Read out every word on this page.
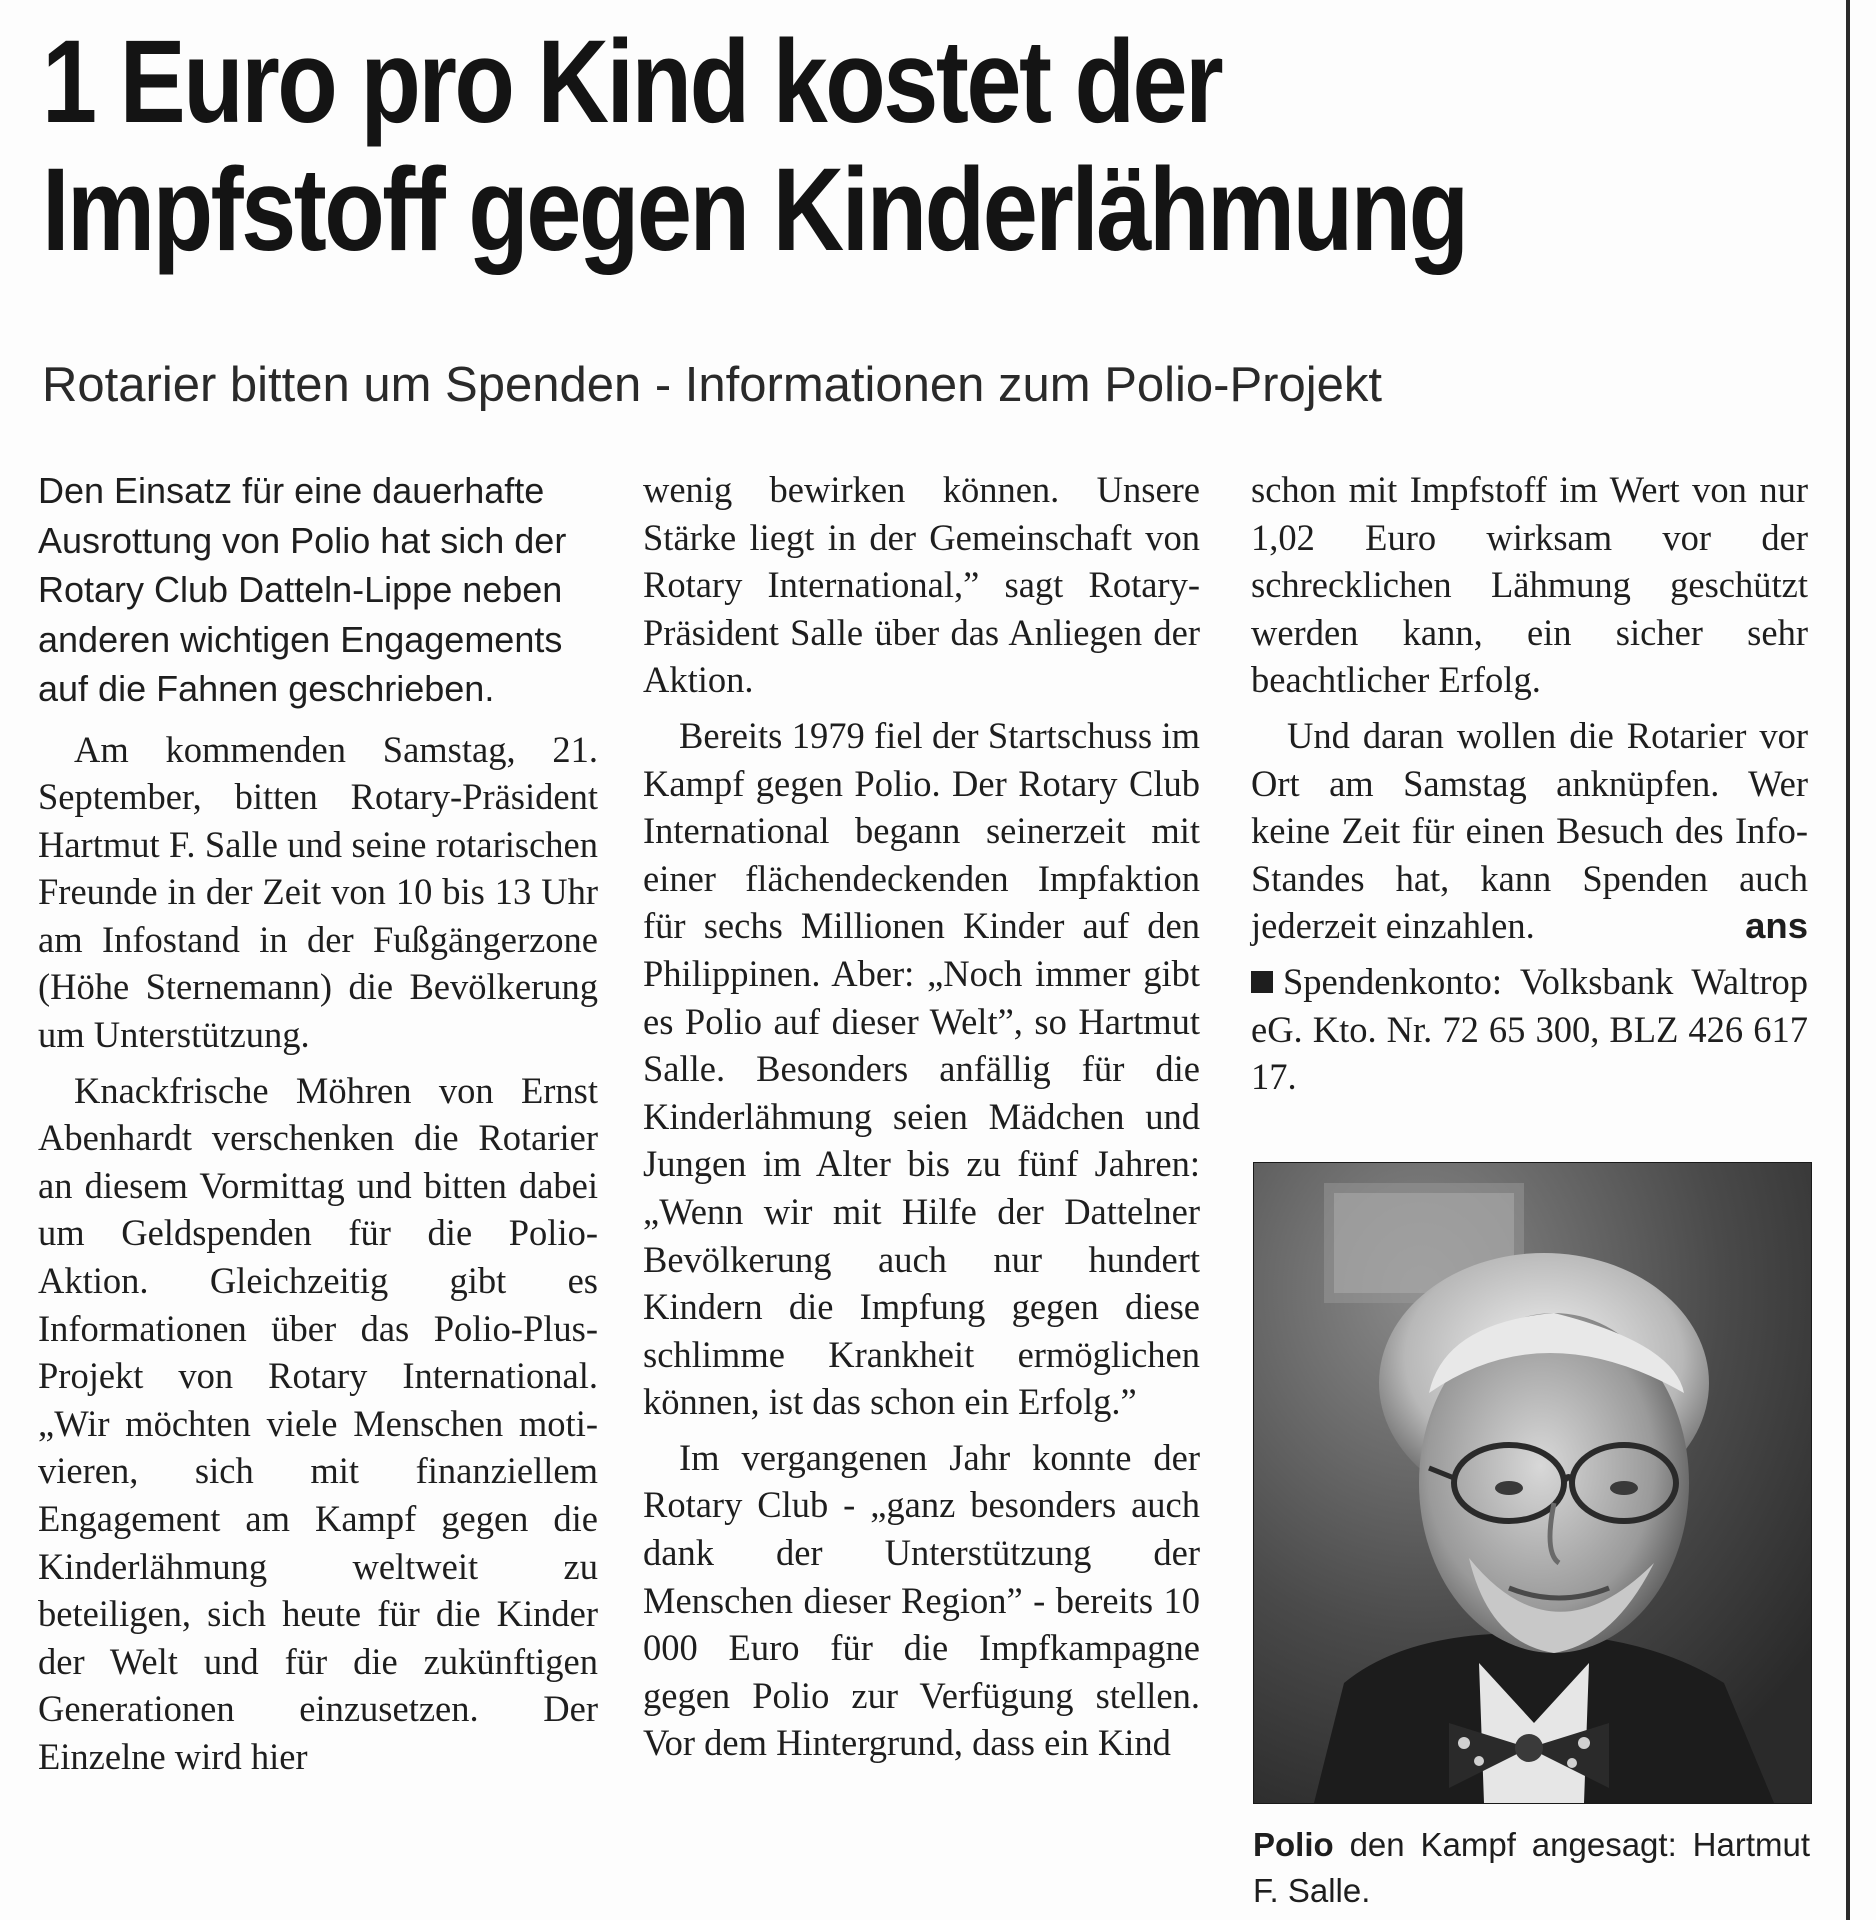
1 Euro pro Kind kostet der
Impfstoff gegen Kinderlähmung
Rotarier bitten um Spenden - Informationen zum Polio-Projekt

Den Einsatz für eine dauerhafte Ausrottung von Polio hat sich der Rotary Club Datteln-Lippe neben anderen wichtigen Engagements auf die Fahnen geschrieben.

Am kommenden Samstag, 21. September, bitten Rotary-Präsident Hartmut F. Salle und seine rotarischen Freunde in der Zeit von 10 bis 13 Uhr am Infostand in der Fußgängerzone (Höhe Sternemann) die Bevölkerung um Unterstützung.

Knackfrische Möhren von Ernst Abenhardt verschenken die Rotarier an diesem Vormittag und bitten dabei um Geldspenden für die Polio-Aktion. Gleichzeitig gibt es Informationen über das Polio-Plus-Projekt von Rotary International. „Wir möchten viele Menschen motivieren, sich mit finanziellem Engagement am Kampf gegen die Kinderlähmung weltweit zu beteiligen, sich heute für die Kinder der Welt und für die zukünftigen Generationen einzusetzen. Der Einzelne wird hier

wenig bewirken können. Unsere Stärke liegt in der Gemeinschaft von Rotary International,” sagt Rotary-Präsident Salle über das Anliegen der Aktion.

Bereits 1979 fiel der Startschuss im Kampf gegen Polio. Der Rotary Club International begann seinerzeit mit einer flächendeckenden Impfaktion für sechs Millionen Kinder auf den Philippinen. Aber: „Noch immer gibt es Polio auf dieser Welt”, so Hartmut Salle. Besonders anfällig für die Kinderlähmung seien Mädchen und Jungen im Alter bis zu fünf Jahren: „Wenn wir mit Hilfe der Dattelner Bevölkerung auch nur hundert Kindern die Impfung gegen diese schlimme Krankheit ermöglichen können, ist das schon ein Erfolg.”

Im vergangenen Jahr konnte der Rotary Club - „ganz besonders auch dank der Unterstützung der Menschen dieser Region” - bereits 10 000 Euro für die Impfkampagne gegen Polio zur Verfügung stellen. Vor dem Hintergrund, dass ein Kind

schon mit Impfstoff im Wert von nur 1,02 Euro wirksam vor der schrecklichen Lähmung geschützt werden kann, ein sicher sehr beachtlicher Erfolg.

Und daran wollen die Rotarier vor Ort am Samstag anknüpfen. Wer keine Zeit für einen Besuch des Info-Standes hat, kann Spenden auch jederzeit einzahlen.	ans

Spendenkonto: Volksbank Waltrop eG. Kto. Nr. 72 65 300, BLZ 426 617 17.

Polio den Kampf angesagt: Hartmut F. Salle.
